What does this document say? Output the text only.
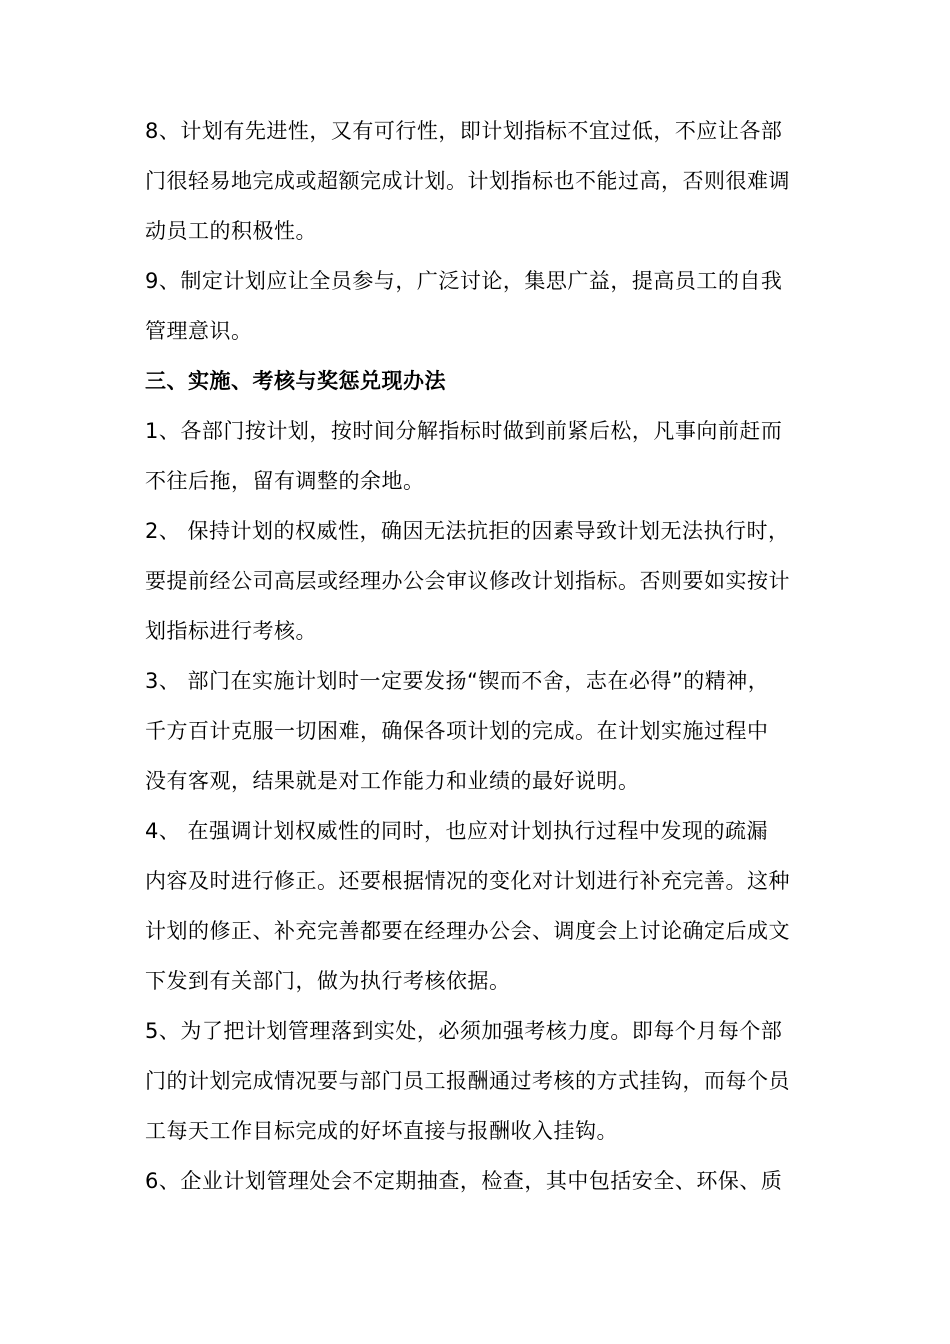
8、计划有先进性，又有可行性，即计划指标不宜过低，不应让各部
门很轻易地完成或超额完成计划。计划指标也不能过高，否则很难调
动员工的积极性。
9、制定计划应让全员参与，广泛讨论，集思广益，提高员工的自我
管理意识。
三、实施、考核与奖惩兑现办法
1、各部门按计划，按时间分解指标时做到前紧后松，凡事向前赶而
不往后拖，留有调整的余地。
2、 保持计划的权威性，确因无法抗拒的因素导致计划无法执行时，
要提前经公司高层或经理办公会审议修改计划指标。否则要如实按计
划指标进行考核。
3、 部门在实施计划时一定要发扬“锲而不舍，志在必得”的精神，
千方百计克服一切困难，确保各项计划的完成。在计划实施过程中
没有客观，结果就是对工作能力和业绩的最好说明。
4、 在强调计划权威性的同时，也应对计划执行过程中发现的疏漏
内容及时进行修正。还要根据情况的变化对计划进行补充完善。这种
计划的修正、补充完善都要在经理办公会、调度会上讨论确定后成文
下发到有关部门，做为执行考核依据。
5、为了把计划管理落到实处，必须加强考核力度。即每个月每个部
门的计划完成情况要与部门员工报酬通过考核的方式挂钩，而每个员
工每天工作目标完成的好坏直接与报酬收入挂钩。
6、企业计划管理处会不定期抽查，检查，其中包括安全、环保、质
